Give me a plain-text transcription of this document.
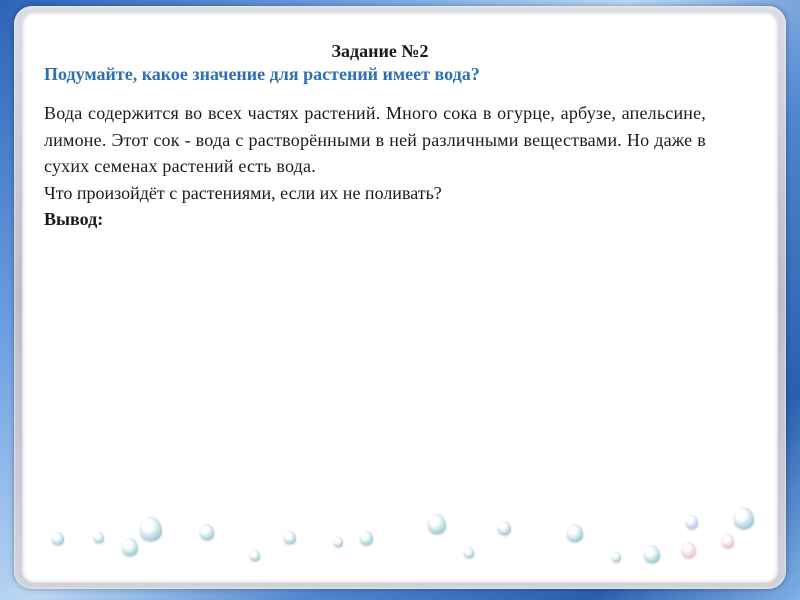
Задание №2

Подумайте, какое значение для растений имеет вода?

Вода содержится во всех частях растений. Много сока в огурце, арбузе, апельсине, лимоне. Этот сок - вода с растворёнными в ней различными веществами. Но даже в сухих семенах растений есть вода.

Что произойдёт с растениями, если их не поливать?

Вывод:
